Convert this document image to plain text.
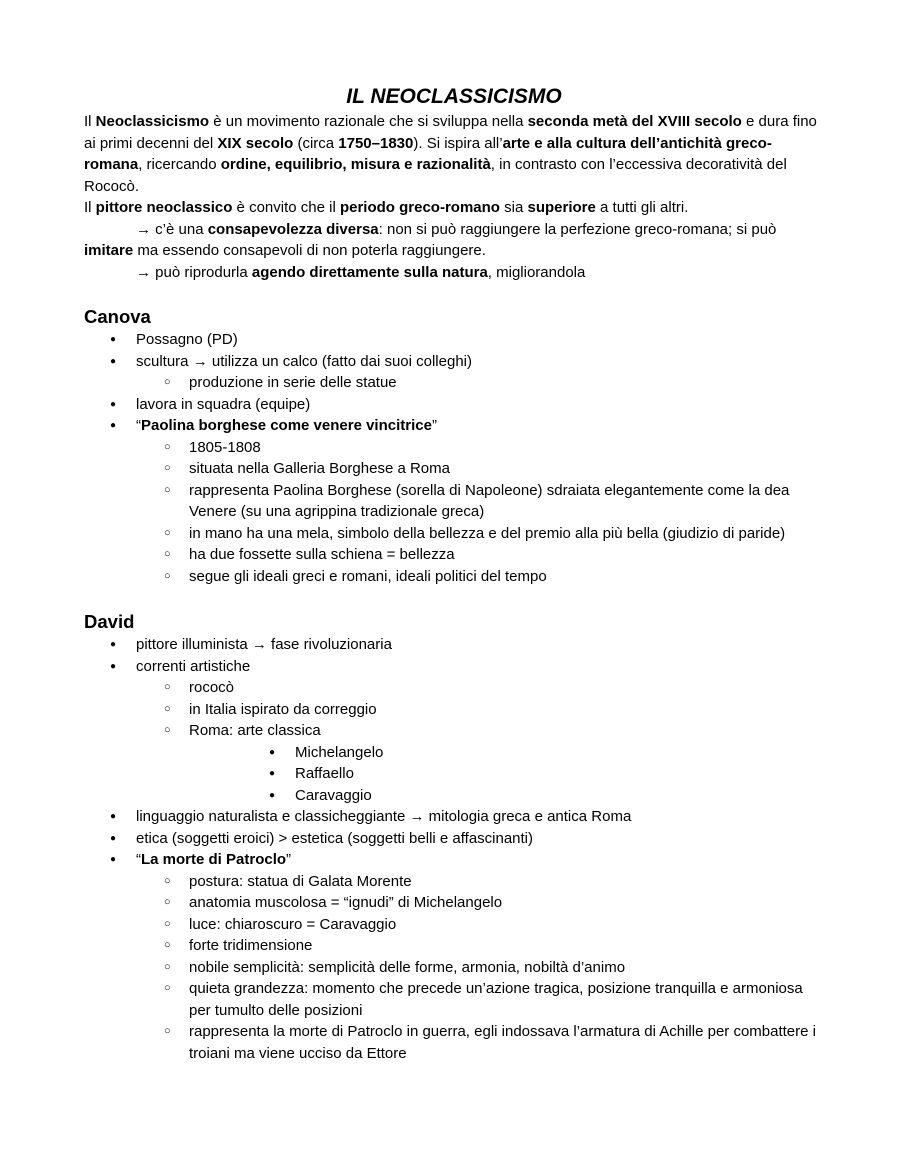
IL NEOCLASSICISMO

Il Neoclassicismo è un movimento razionale che si sviluppa nella seconda metà del XVIII secolo e dura fino ai primi decenni del XIX secolo (circa 1750–1830). Si ispira all’arte e alla cultura dell’antichità greco-romana, ricercando ordine, equilibrio, misura e razionalità, in contrasto con l’eccessiva decoratività del Rococò.

Il pittore neoclassico è convito che il periodo greco-romano sia superiore a tutti gli altri.

→ c’è una consapevolezza diversa: non si può raggiungere la perfezione greco-romana; si può imitare ma essendo consapevoli di non poterla raggiungere.

→ può riprodurla agendo direttamente sulla natura, migliorandola

Canova
● Possagno (PD)
● scultura → utilizza un calco (fatto dai suoi colleghi)
○ produzione in serie delle statue
● lavora in squadra (equipe)
● “Paolina borghese come venere vincitrice”
○ 1805-1808
○ situata nella Galleria Borghese a Roma
○ rappresenta Paolina Borghese (sorella di Napoleone) sdraiata elegantemente come la dea Venere (su una agrippina tradizionale greca)
○ in mano ha una mela, simbolo della bellezza e del premio alla più bella (giudizio di paride)
○ ha due fossette sulla schiena = bellezza
○ segue gli ideali greci e romani, ideali politici del tempo
David
● pittore illuminista → fase rivoluzionaria
● correnti artistiche
○ rococò
○ in Italia ispirato da correggio
○ Roma: arte classica
● Michelangelo
● Raffaello
● Caravaggio
● linguaggio naturalista e classicheggiante → mitologia greca e antica Roma
● etica (soggetti eroici) > estetica (soggetti belli e affascinanti)
● “La morte di Patroclo”
○ postura: statua di Galata Morente
○ anatomia muscolosa = “ignudi” di Michelangelo
○ luce: chiaroscuro = Caravaggio
○ forte tridimensione
○ nobile semplicità: semplicità delle forme, armonia, nobiltà d’animo
○ quieta grandezza: momento che precede un’azione tragica, posizione tranquilla e armoniosa per tumulto delle posizioni
○ rappresenta la morte di Patroclo in guerra, egli indossava l’armatura di Achille per combattere i troiani ma viene ucciso da Ettore
